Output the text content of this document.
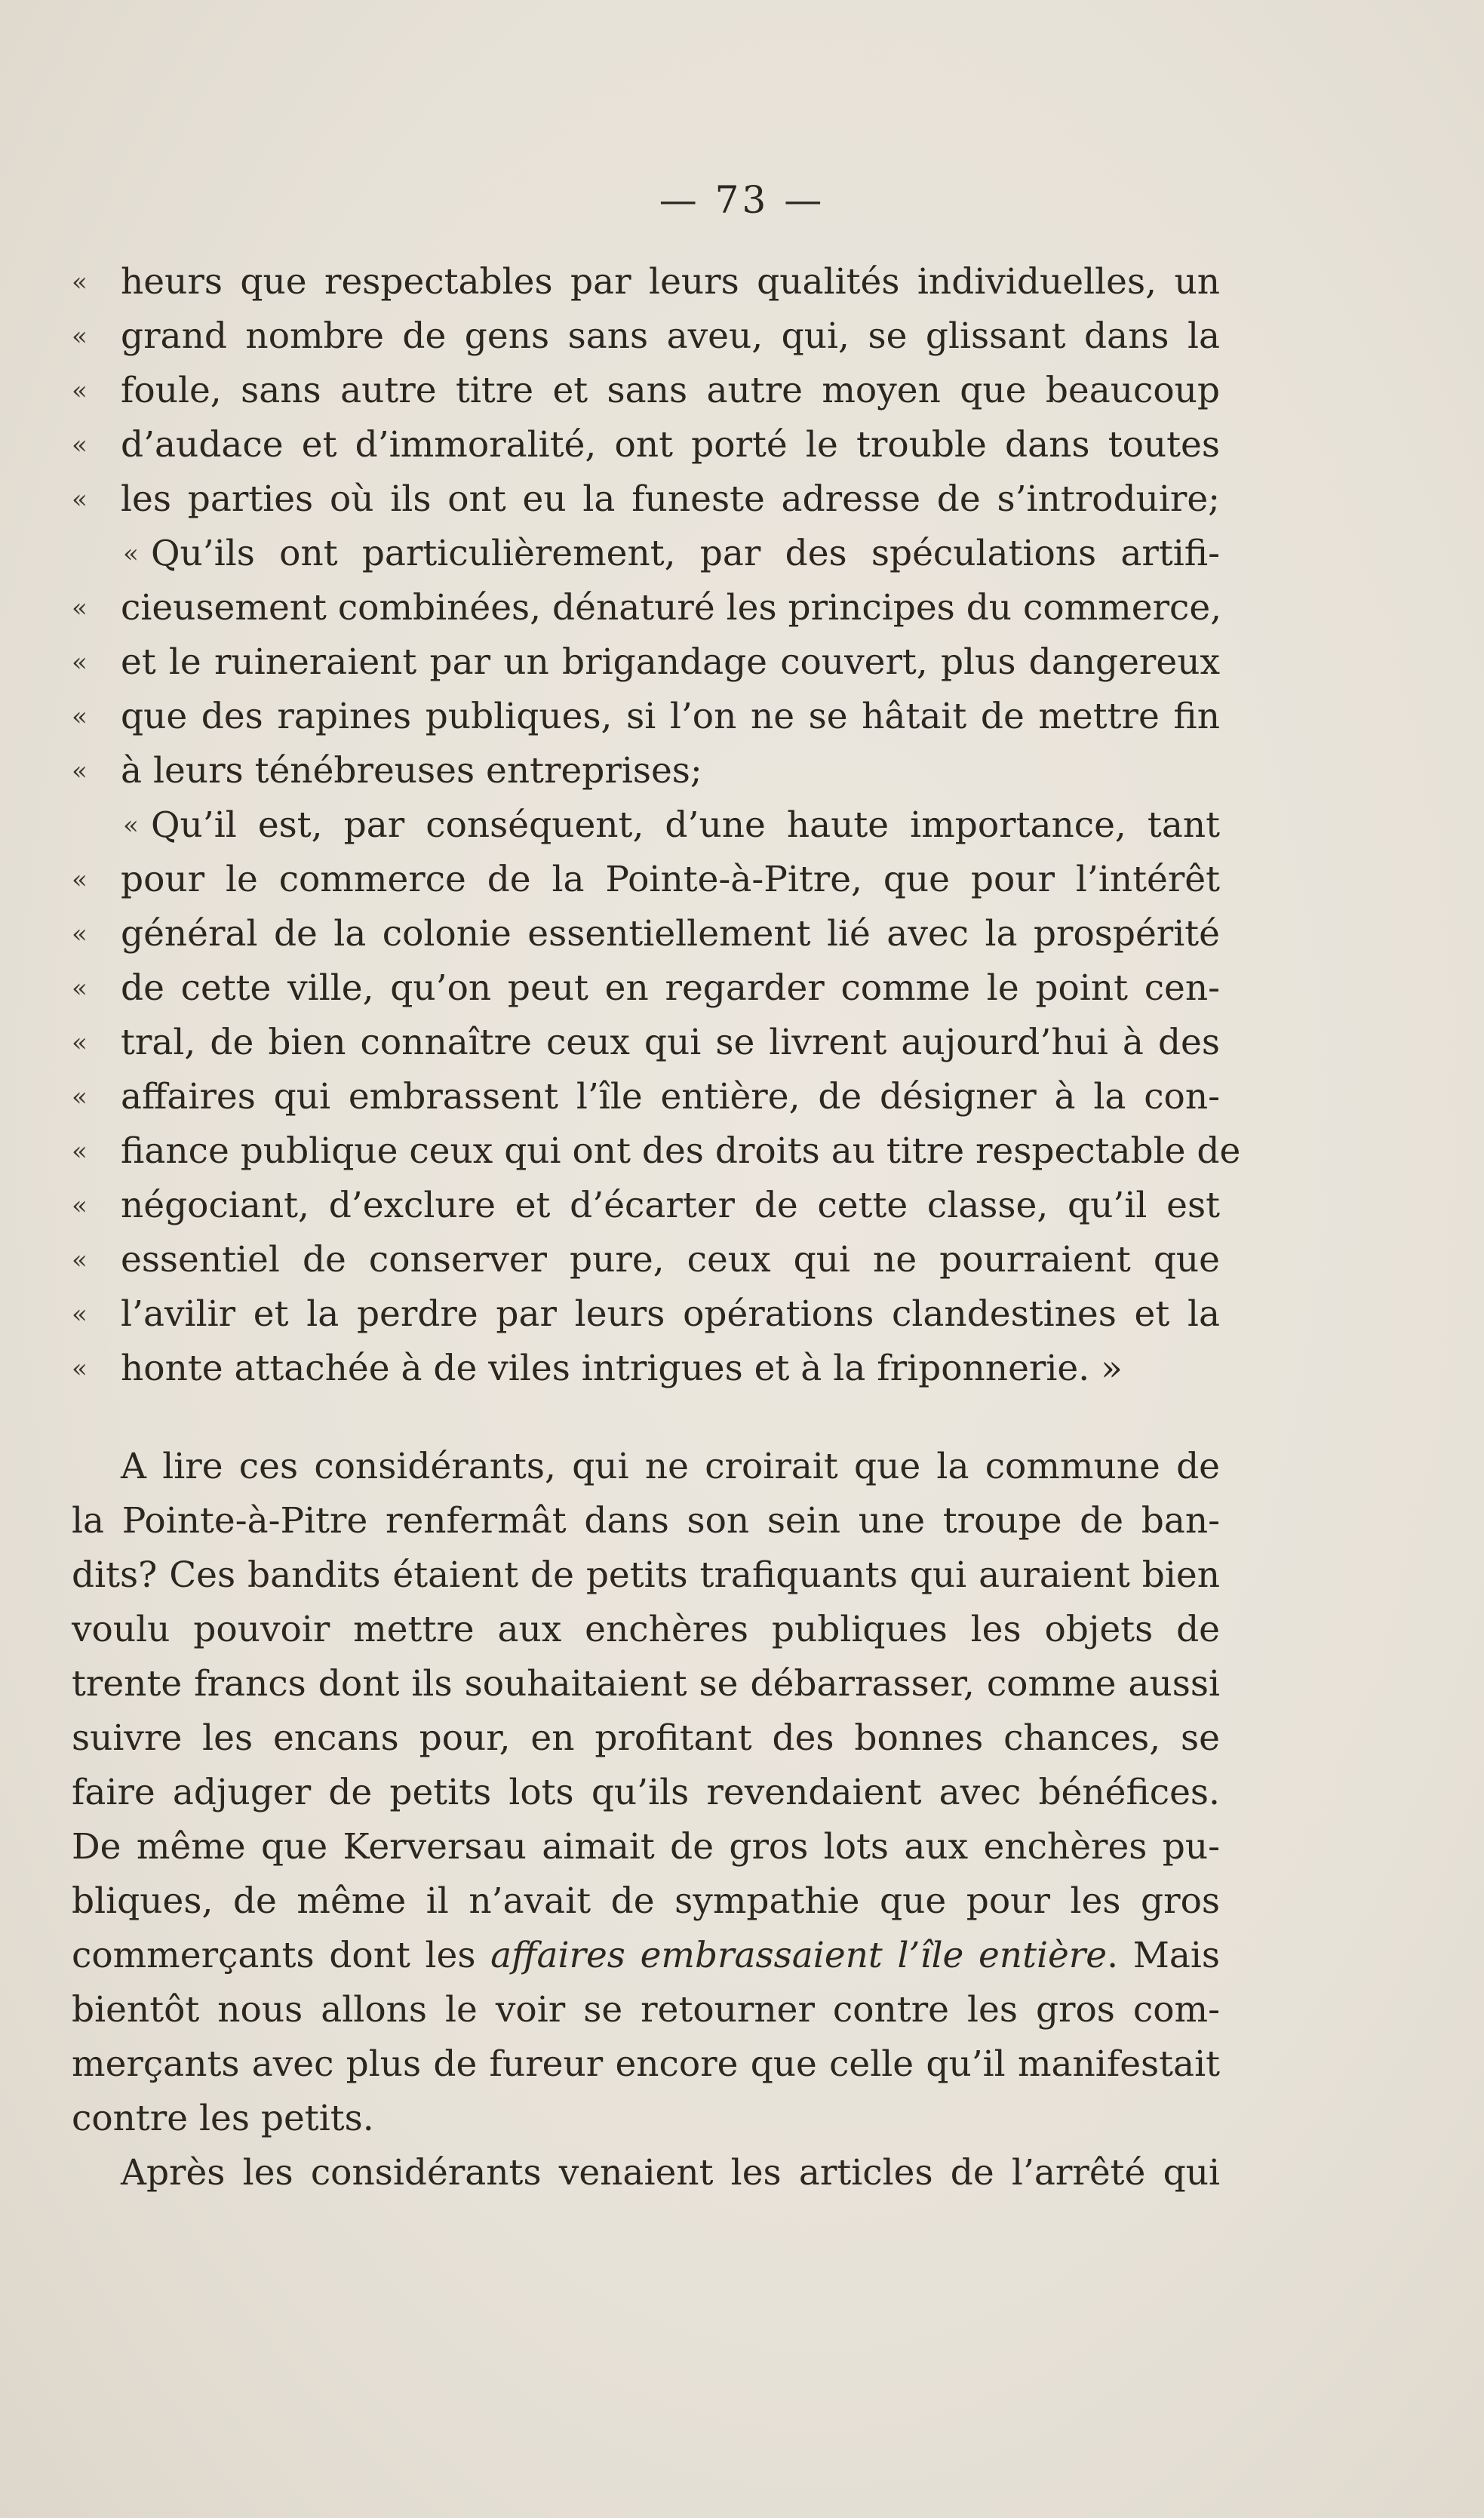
— 73 —
« heurs que respectables par leurs qualités individuelles, un
« grand nombre de gens sans aveu, qui, se glissant dans la
« foule, sans autre titre et sans autre moyen que beaucoup
« d’audace et d’immoralité, ont porté le trouble dans toutes
« les parties où ils ont eu la funeste adresse de s’introduire;
« Qu’ils ont particulièrement, par des spéculations artifi-
« cieusement combinées, dénaturé les principes du commerce,
« et le ruineraient par un brigandage couvert, plus dangereux
« que des rapines publiques, si l’on ne se hâtait de mettre fin
« à leurs ténébreuses entreprises;
« Qu’il est, par conséquent, d’une haute importance, tant
« pour le commerce de la Pointe-à-Pitre, que pour l’intérêt
« général de la colonie essentiellement lié avec la prospérité
« de cette ville, qu’on peut en regarder comme le point cen-
« tral, de bien connaître ceux qui se livrent aujourd’hui à des
« affaires qui embrassent l’île entière, de désigner à la con-
« fiance publique ceux qui ont des droits au titre respectable de
« négociant, d’exclure et d’écarter de cette classe, qu’il est
« essentiel de conserver pure, ceux qui ne pourraient que
« l’avilir et la perdre par leurs opérations clandestines et la
« honte attachée à de viles intrigues et à la friponnerie. »
A lire ces considérants, qui ne croirait que la commune de
la Pointe-à-Pitre renfermât dans son sein une troupe de ban-
dits? Ces bandits étaient de petits trafiquants qui auraient bien
voulu pouvoir mettre aux enchères publiques les objets de
trente francs dont ils souhaitaient se débarrasser, comme aussi
suivre les encans pour, en profitant des bonnes chances, se
faire adjuger de petits lots qu’ils revendaient avec bénéfices.
De même que Kerversau aimait de gros lots aux enchères pu-
bliques, de même il n’avait de sympathie que pour les gros
commerçants dont les affaires embrassaient l’île entière. Mais
bientôt nous allons le voir se retourner contre les gros com-
merçants avec plus de fureur encore que celle qu’il manifestait
contre les petits.
Après les considérants venaient les articles de l’arrêté qui
